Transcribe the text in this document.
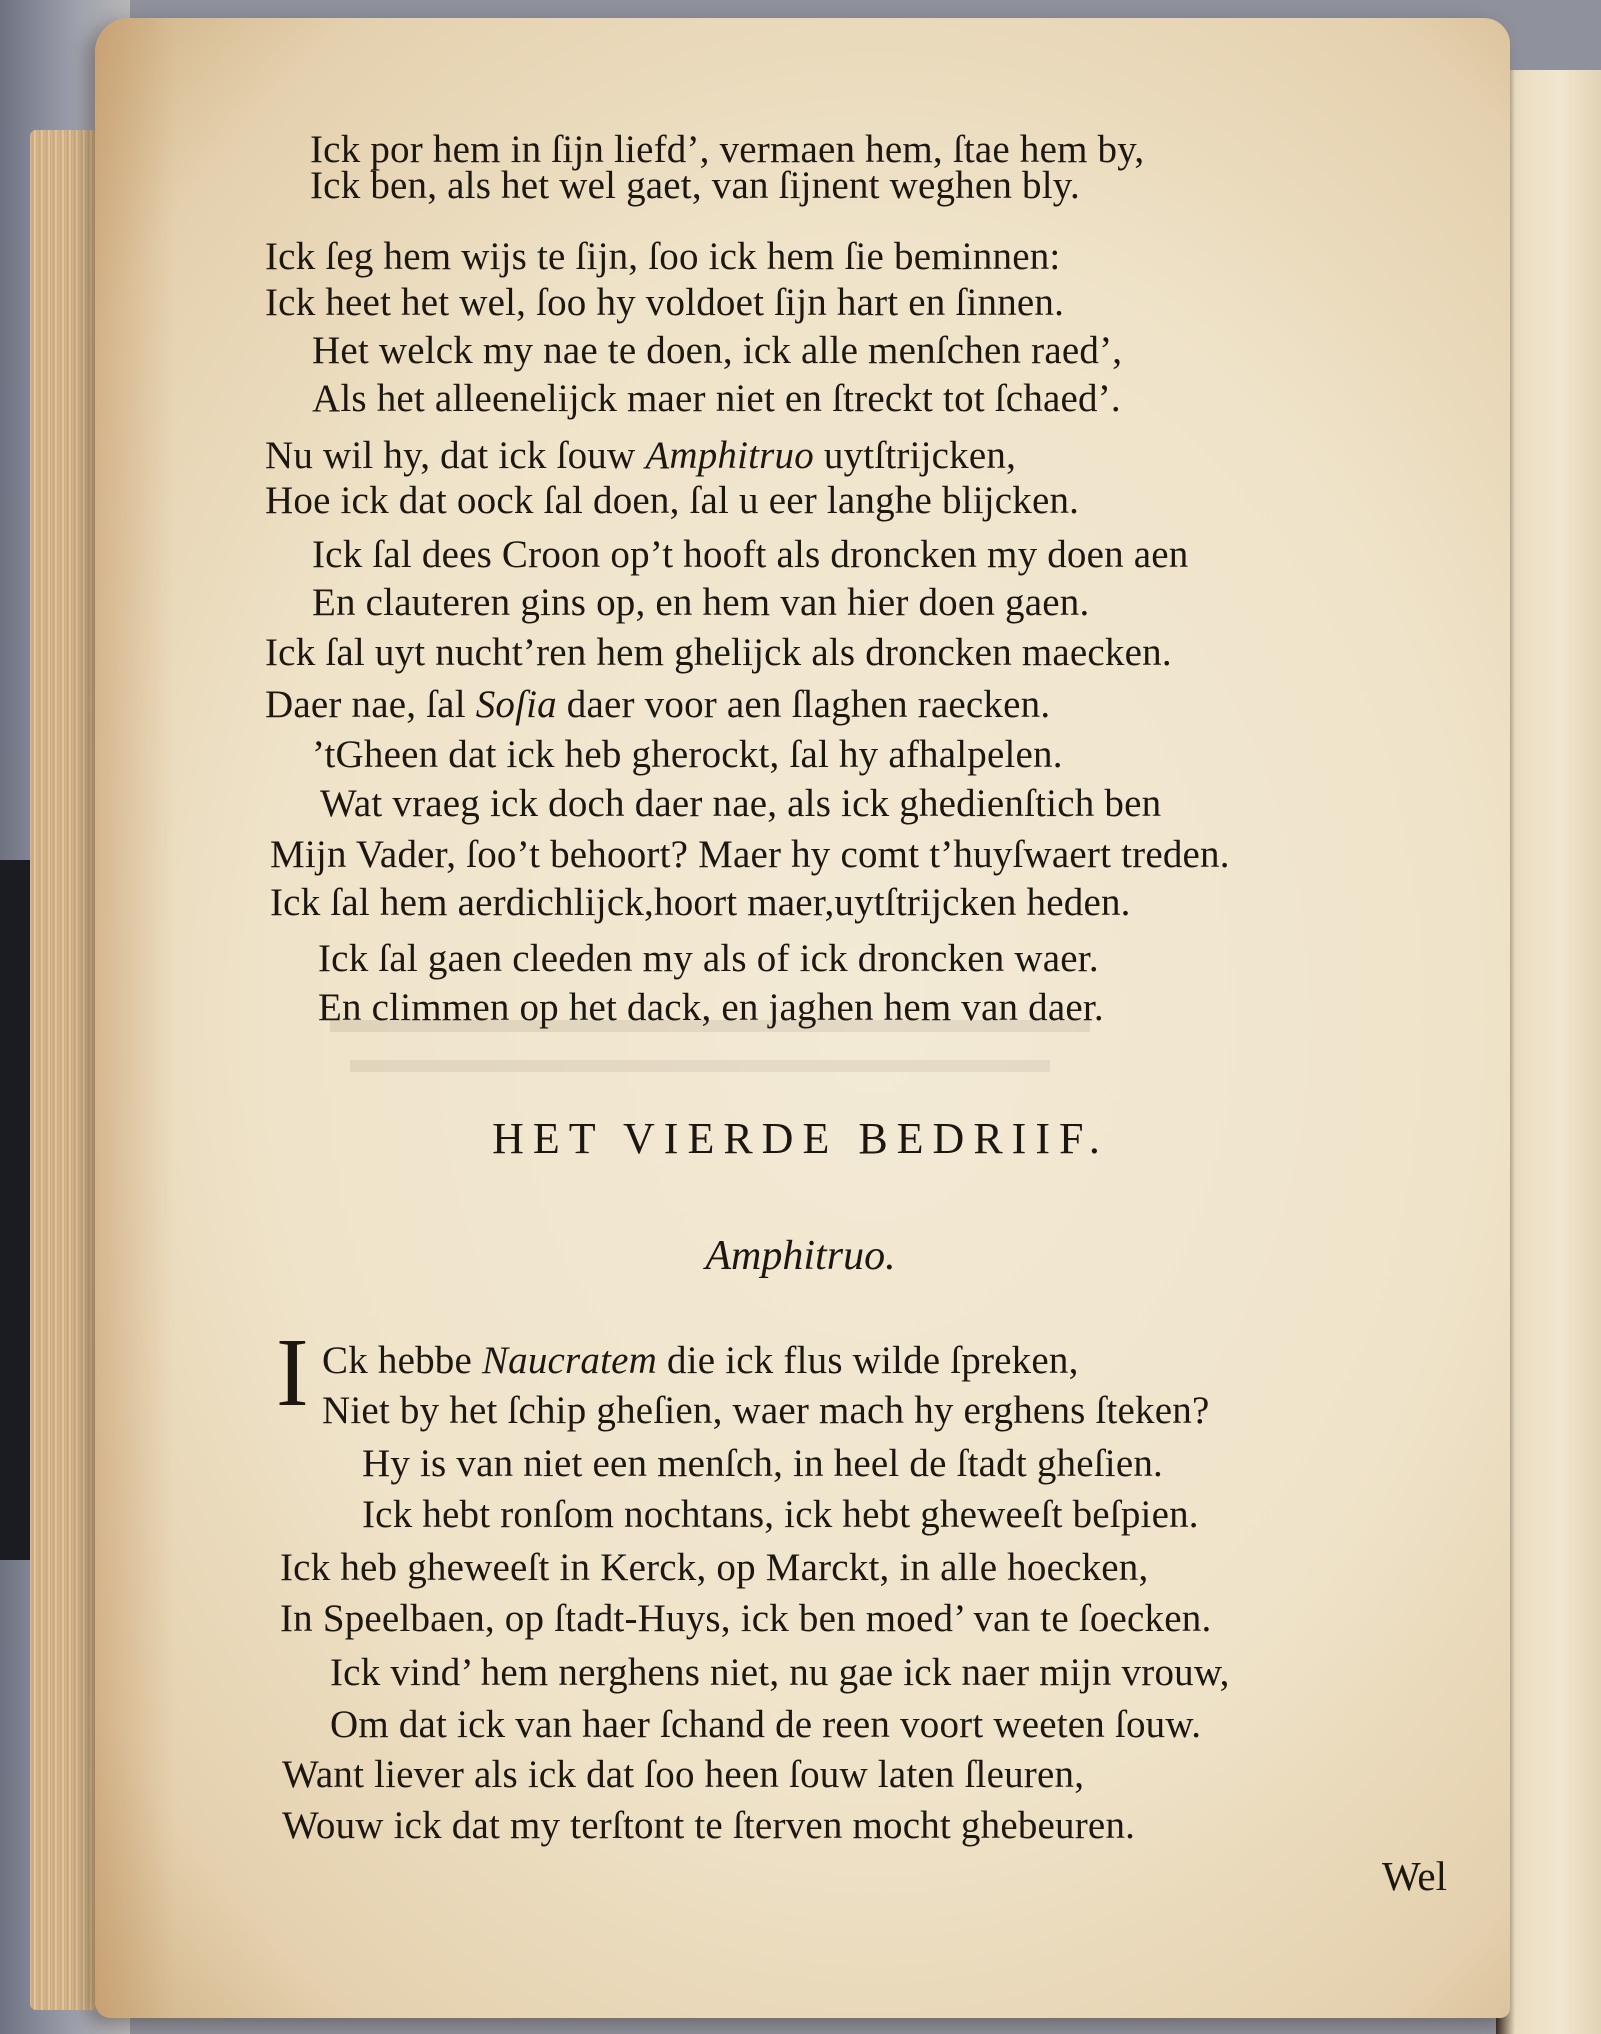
Ick por hem in ſijn liefd’, vermaen hem, ſtae hem by,
Ick ben, als het wel gaet, van ſijnent weghen bly.
Ick ſeg hem wijs te ſijn, ſoo ick hem ſie beminnen:
Ick heet het wel, ſoo hy voldoet ſijn hart en ſinnen.
Het welck my nae te doen, ick alle menſchen raed’,
Als het alleenelijck maer niet en ſtreckt tot ſchaed’.
Nu wil hy, dat ick ſouw Amphitruo uytſtrijcken,
Hoe ick dat oock ſal doen, ſal u eer langhe blijcken.
Ick ſal dees Croon op’t hooft als droncken my doen aen
En clauteren gins op, en hem van hier doen gaen.
Ick ſal uyt nucht’ren hem ghelijck als droncken maecken.
Daer nae, ſal Soſia daer voor aen ſlaghen raecken.
’tGheen dat ick heb gherockt, ſal hy afhalpelen.
Wat vraeg ick doch daer nae, als ick ghedienſtich ben
Mijn Vader, ſoo’t behoort? Maer hy comt t’huyſwaert treden.
Ick ſal hem aerdichlijck,hoort maer,uytſtrijcken heden.
Ick ſal gaen cleeden my als of ick droncken waer.
En climmen op het dack, en jaghen hem van daer.
HET VIERDE BEDRIIF.
Amphitruo.
I Ck hebbe Naucratem die ick flus wilde ſpreken,
Niet by het ſchip gheſien, waer mach hy erghens ſteken?
Hy is van niet een menſch, in heel de ſtadt gheſien.
Ick hebt ronſom nochtans, ick hebt gheweeſt beſpien.
Ick heb gheweeſt in Kerck, op Marckt, in alle hoecken,
In Speelbaen, op ſtadt-Huys, ick ben moed’ van te ſoecken.
Ick vind’ hem nerghens niet, nu gae ick naer mijn vrouw,
Om dat ick van haer ſchand de reen voort weeten ſouw.
Want liever als ick dat ſoo heen ſouw laten ſleuren,
Wouw ick dat my terſtont te ſterven mocht ghebeuren.
Wel
